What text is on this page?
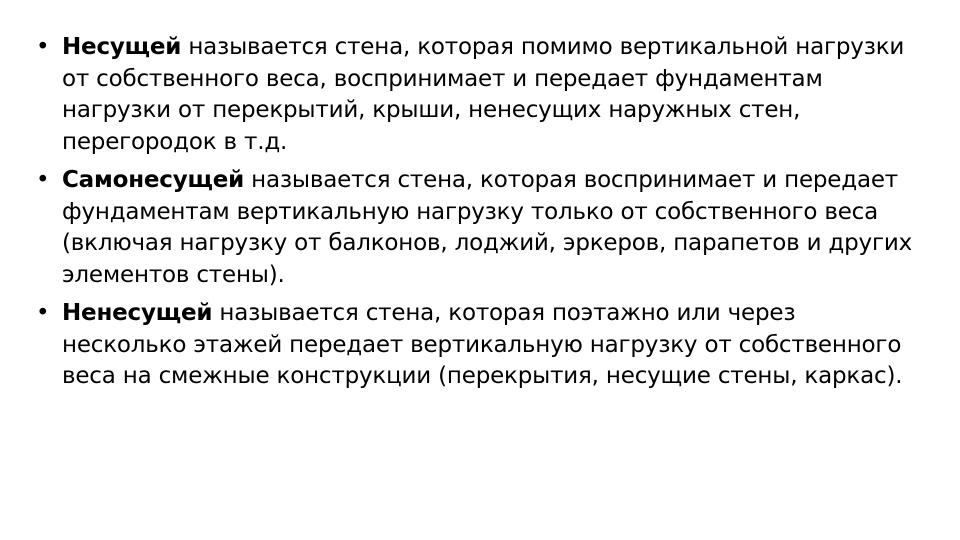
• Несущей называется стена, которая помимо вертикальной нагрузки от собственного веса, воспринимает и передает фундаментам нагрузки от перекрытий, крыши, ненесущих наружных стен, перегородок в т.д.
• Самонесущей называется стена, которая воспринимает и передает фундаментам вертикальную нагрузку только от собственного веса (включая нагрузку от балконов, лоджий, эркеров, парапетов и других элементов стены).
• Ненесущей называется стена, которая поэтажно или через несколько этажей передает вертикальную нагрузку от собственного веса на смежные конструкции (перекрытия, несущие стены, каркас).
